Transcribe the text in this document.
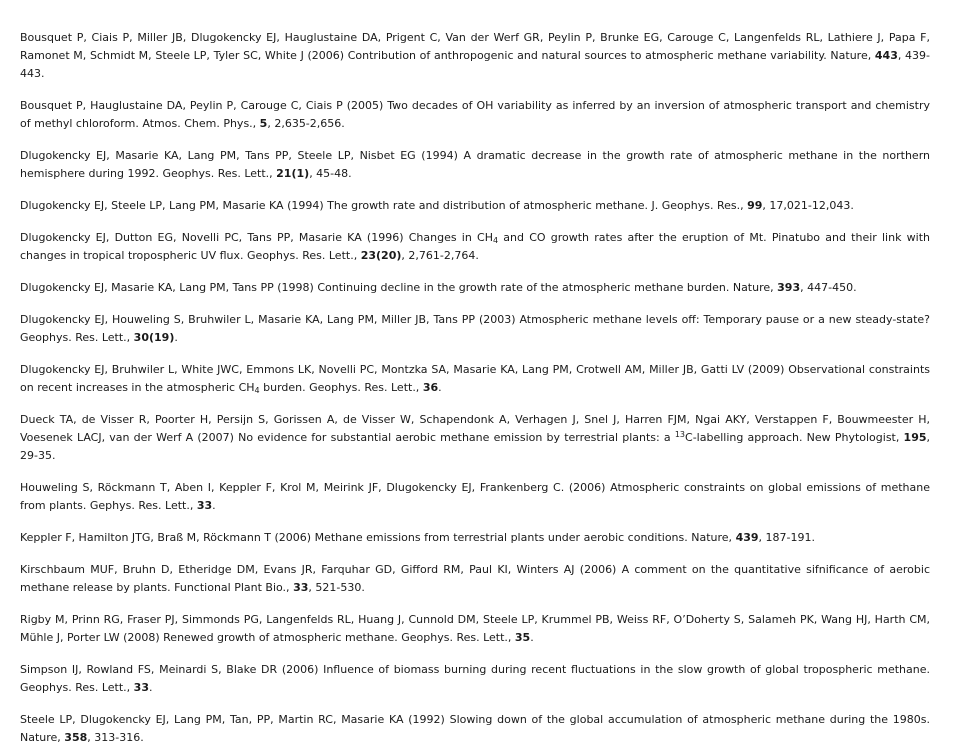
Bousquet P, Ciais P, Miller JB, Dlugokencky EJ, Hauglustaine DA, Prigent C, Van der Werf GR, Peylin P, Brunke EG, Carouge C, Langenfelds RL, Lathiere J, Papa F, Ramonet M, Schmidt M, Steele LP, Tyler SC, White J (2006) Contribution of anthropogenic and natural sources to atmospheric methane variability. Nature, 443, 439-443.

Bousquet P, Hauglustaine DA, Peylin P, Carouge C, Ciais P (2005) Two decades of OH variability as inferred by an inversion of atmospheric transport and chemistry of methyl chloroform. Atmos. Chem. Phys., 5, 2,635-2,656.

Dlugokencky EJ, Masarie KA, Lang PM, Tans PP, Steele LP, Nisbet EG (1994) A dramatic decrease in the growth rate of atmospheric methane in the northern hemisphere during 1992. Geophys. Res. Lett., 21(1), 45-48.

Dlugokencky EJ, Steele LP, Lang PM, Masarie KA (1994) The growth rate and distribution of atmospheric methane. J. Geophys. Res., 99, 17,021-12,043.

Dlugokencky EJ, Dutton EG, Novelli PC, Tans PP, Masarie KA (1996) Changes in $CH_4$ and CO growth rates after the eruption of Mt. Pinatubo and their link with changes in tropical tropospheric UV flux. Geophys. Res. Lett., 23(20), 2,761-2,764.

Dlugokencky EJ, Masarie KA, Lang PM, Tans PP (1998) Continuing decline in the growth rate of the atmospheric methane burden. Nature, 393, 447-450.

Dlugokencky EJ, Houweling S, Bruhwiler L, Masarie KA, Lang PM, Miller JB, Tans PP (2003) Atmospheric methane levels off: Temporary pause or a new steady-state? Geophys. Res. Lett., 30(19).

Dlugokencky EJ, Bruhwiler L, White JWC, Emmons LK, Novelli PC, Montzka SA, Masarie KA, Lang PM, Crotwell AM, Miller JB, Gatti LV (2009) Observational constraints on recent increases in the atmospheric $CH_4$ burden. Geophys. Res. Lett., 36.

Dueck TA, de Visser R, Poorter H, Persijn S, Gorissen A, de Visser W, Schapendonk A, Verhagen J, Snel J, Harren FJM, Ngai AKY, Verstappen F, Bouwmeester H, Voesenek LACJ, van der Werf A (2007) No evidence for substantial aerobic methane emission by terrestrial plants: a $^{13}$C-labelling approach. New Phytologist, 195, 29-35.

Houweling S, Röckmann T, Aben I, Keppler F, Krol M, Meirink JF, Dlugokencky EJ, Frankenberg C. (2006) Atmospheric constraints on global emissions of methane from plants. Gephys. Res. Lett., 33.

Keppler F, Hamilton JTG, Braß M, Röckmann T (2006) Methane emissions from terrestrial plants under aerobic conditions. Nature, 439, 187-191.

Kirschbaum MUF, Bruhn D, Etheridge DM, Evans JR, Farquhar GD, Gifford RM, Paul KI, Winters AJ (2006) A comment on the quantitative sifnificance of aerobic methane release by plants. Functional Plant Bio., 33, 521-530.

Rigby M, Prinn RG, Fraser PJ, Simmonds PG, Langenfelds RL, Huang J, Cunnold DM, Steele LP, Krummel PB, Weiss RF, O’Doherty S, Salameh PK, Wang HJ, Harth CM, Mühle J, Porter LW (2008) Renewed growth of atmospheric methane. Geophys. Res. Lett., 35.

Simpson IJ, Rowland FS, Meinardi S, Blake DR (2006) Influence of biomass burning during recent fluctuations in the slow growth of global tropospheric methane. Geophys. Res. Lett., 33.

Steele LP, Dlugokencky EJ, Lang PM, Tan, PP, Martin RC, Masarie KA (1992) Slowing down of the global accumulation of atmospheric methane during the 1980s. Nature, 358, 313-316.
